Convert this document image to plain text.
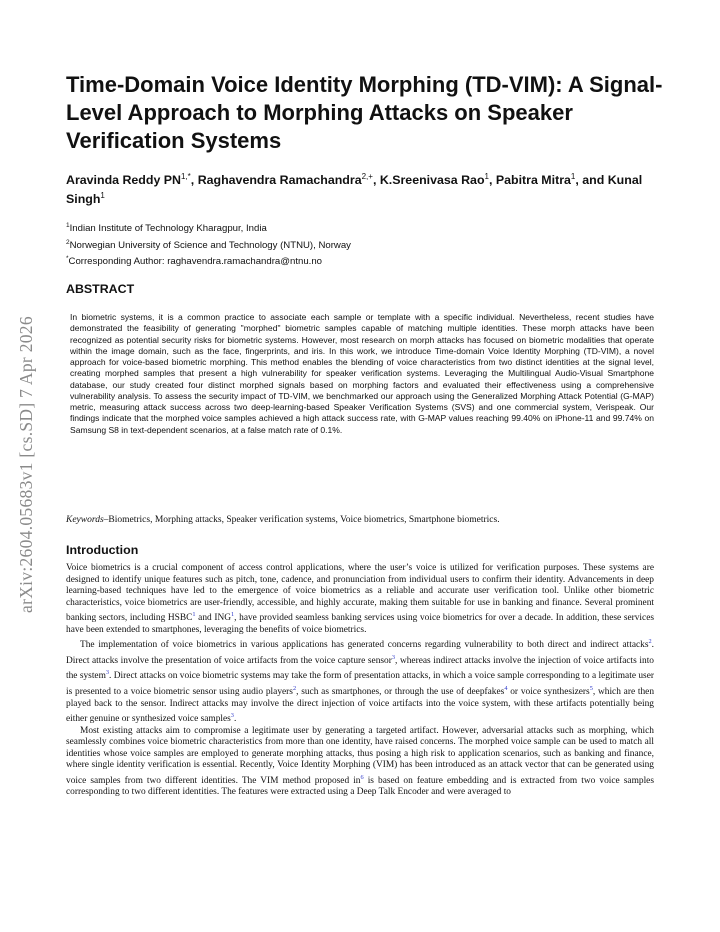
arXiv:2604.05683v1 [cs.SD] 7 Apr 2026
Time-Domain Voice Identity Morphing (TD-VIM): A Signal-Level Approach to Morphing Attacks on Speaker Verification Systems
Aravinda Reddy $PN^{1,*}$, Raghavendra Ramachandra$^{2,+}$, K.Sreenivasa Rao$^1$, Pabitra Mitra$^1$, and Kunal Singh$^1$
$^1$Indian Institute of Technology Kharagpur, India
$^2$Norwegian University of Science and Technology (NTNU), Norway
*Corresponding Author: raghavendra.ramachandra@ntnu.no
ABSTRACT
In biometric systems, it is a common practice to associate each sample or template with a specific individual. Nevertheless, recent studies have demonstrated the feasibility of generating "morphed" biometric samples capable of matching multiple identities. These morph attacks have been recognized as potential security risks for biometric systems. However, most research on morph attacks has focused on biometric modalities that operate within the image domain, such as the face, fingerprints, and iris. In this work, we introduce Time-domain Voice Identity Morphing (TD-VIM), a novel approach for voice-based biometric morphing. This method enables the blending of voice characteristics from two distinct identities at the signal level, creating morphed samples that present a high vulnerability for speaker verification systems. Leveraging the Multilingual Audio-Visual Smartphone database, our study created four distinct morphed signals based on morphing factors and evaluated their effectiveness using a comprehensive vulnerability analysis. To assess the security impact of TD-VIM, we benchmarked our approach using the Generalized Morphing Attack Potential (G-MAP) metric, measuring attack success across two deep-learning-based Speaker Verification Systems (SVS) and one commercial system, Verispeak. Our findings indicate that the morphed voice samples achieved a high attack success rate, with G-MAP values reaching 99.40% on iPhone-11 and 99.74% on Samsung S8 in text-dependent scenarios, at a false match rate of 0.1%.
Keywords–Biometrics, Morphing attacks, Speaker verification systems, Voice biometrics, Smartphone biometrics.
Introduction

Voice biometrics is a crucial component of access control applications, where the user’s voice is utilized for verification purposes. These systems are designed to identify unique features such as pitch, tone, cadence, and pronunciation from individual users to confirm their identity. Advancements in deep learning-based techniques have led to the emergence of voice biometrics as a reliable and accurate user verification tool. Unlike other biometric characteristics, voice biometrics are user-friendly, accessible, and highly accurate, making them suitable for use in banking and finance. Several prominent banking sectors, including HSBC$^1$ and ING$^1$, have provided seamless banking services using voice biometrics for over a decade. In addition, these services have been extended to smartphones, leveraging the benefits of voice biometrics.

The implementation of voice biometrics in various applications has generated concerns regarding vulnerability to both direct and indirect attacks$^2$. Direct attacks involve the presentation of voice artifacts from the voice capture sensor$^3$, whereas indirect attacks involve the injection of voice artifacts into the system$^3$. Direct attacks on voice biometric systems may take the form of presentation attacks, in which a voice sample corresponding to a legitimate user is presented to a voice biometric sensor using audio players$^2$, such as smartphones, or through the use of deepfakes$^4$ or voice synthesizers$^5$, which are then played back to the sensor. Indirect attacks may involve the direct injection of voice artifacts into the voice system, with these artifacts potentially being either genuine or synthesized voice samples$^3$.

Most existing attacks aim to compromise a legitimate user by generating a targeted artifact. However, adversarial attacks such as morphing, which seamlessly combines voice biometric characteristics from more than one identity, have raised concerns. The morphed voice sample can be used to match all identities whose voice samples are employed to generate morphing attacks, thus posing a high risk to application scenarios, such as banking and finance, where single identity verification is essential. Recently, Voice Identity Morphing (VIM) has been introduced as an attack vector that can be generated using voice samples from two different identities. The VIM method proposed $in^6$ is based on feature embedding and is extracted from two voice samples corresponding to two different identities. The features were extracted using a Deep Talk Encoder and were averaged to
